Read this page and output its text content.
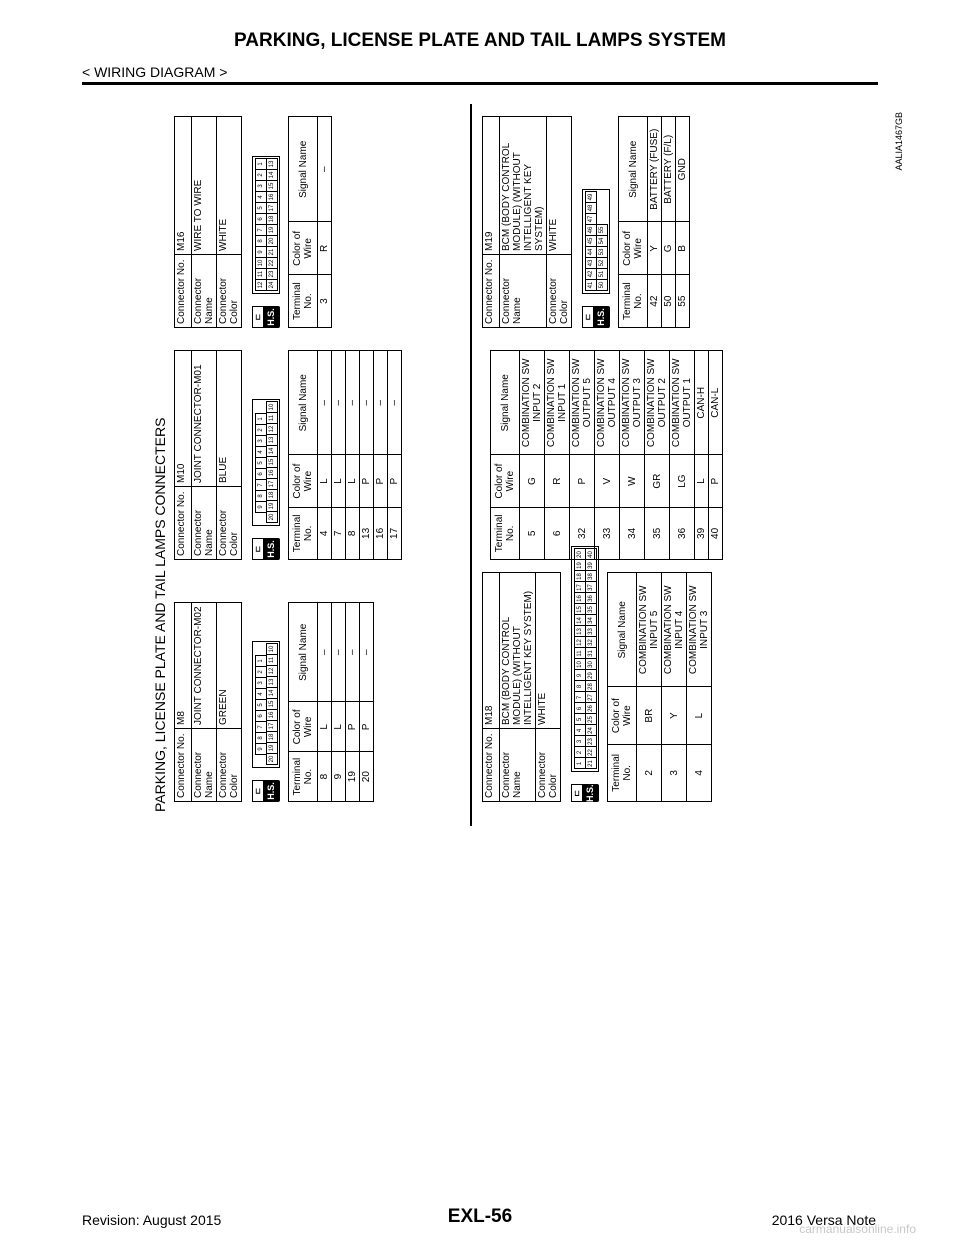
PARKING, LICENSE PLATE AND TAIL LAMPS SYSTEM
< WIRING DIAGRAM >
PARKING, LICENSE PLATE AND TAIL LAMPS CONNECTERS Connector No.	M8
Connector Name	JOINT CONNECTOR-M02
Connector Color	GREEN
⊏ H.S.
9
8
7
6
5
4
3
2
1
20
19
18
17
16
15
14
13
12
11
10
Terminal No.	Color of Wire	Signal Name
8	L	–
9	L	–
19	P	–
20	P	–
Connector No.	M10
Connector Name	JOINT CONNECTOR-M01
Connector Color	BLUE
⊏ H.S.
9
8
7
6
5
4
3
2
1
20
19
18
17
16
15
14
13
12
11
10
Terminal No.	Color of Wire	Signal Name
4	L	–
7	L	–
8	L	–
13	P	–
16	P	–
17	P	–
Connector No.	M16
Connector Name	WIRE TO WIRE
Connector Color	WHITE
⊏ H.S.
12
11
10
9
8
7
6
5
4
3
2
1
24
23
22
21
20
19
18
17
16
15
14
13
Terminal No.	Color of Wire	Signal Name
3	R	–
Connector No.	M18
Connector Name	BCM (BODY CONTROL MODULE) (WITHOUT INTELLIGENT KEY SYSTEM)
Connector Color	WHITE
⊏ H.S.
1
2
3
4
5
6
7
8
9
10
11
12
13
14
15
16
17
18
19
20
21
22
23
24
25
26
27
28
29
30
31
32
33
34
35
36
37
38
39
40
Terminal No.	Color of Wire	Signal Name
2	BR	COMBINATION SW INPUT 5
3	Y	COMBINATION SW INPUT 4
4	L	COMBINATION SW INPUT 3
Terminal No.	Color of Wire	Signal Name
5	G	COMBINATION SW INPUT 2
6	R	COMBINATION SW INPUT 1
32	P	COMBINATION SW OUTPUT 5
33	V	COMBINATION SW OUTPUT 4
34	W	COMBINATION SW OUTPUT 3
35	GR	COMBINATION SW OUTPUT 2
36	LG	COMBINATION SW OUTPUT 1
39	L	CAN-H
40	P	CAN-L
Connector No.	M19
Connector Name	BCM (BODY CONTROL MODULE) (WITHOUT INTELLIGENT KEY SYSTEM)
Connector Color	WHITE
⊏ H.S.
41
42
43
44
45
46
47
48
49
50
51
52
53
54
55
Terminal No.	Color of Wire	Signal Name
42	Y	BATTERY (FUSE)
50	G	BATTERY (F/L)
55	B	GND	AALIA1467GB
EXL-56
Revision: August 2015	2016 Versa Note
carmanualsonline.info
